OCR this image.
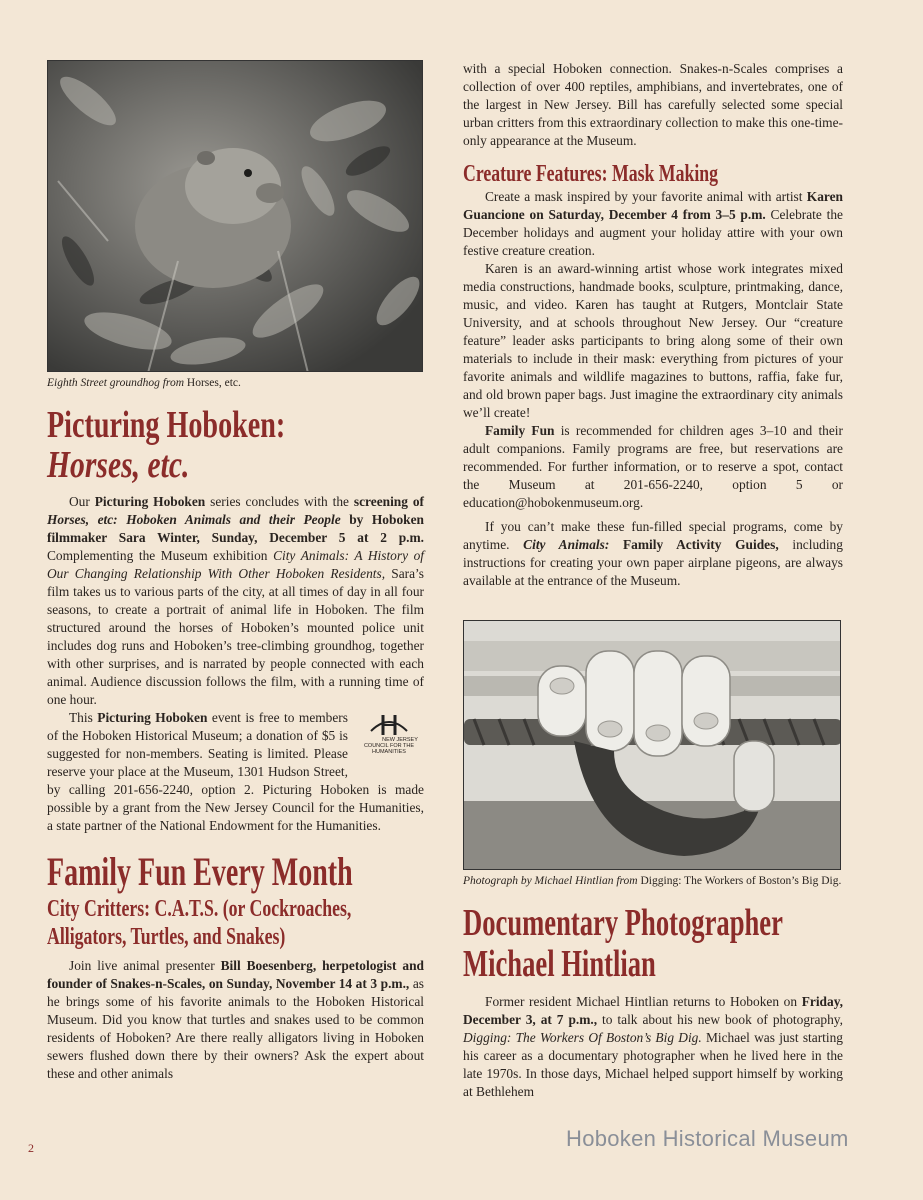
Eighth Street groundhog from Horses, etc.
Picturing Hoboken:
Horses, etc.

Our Picturing Hoboken series concludes with the screening of Horses, etc: Hoboken Animals and their People by Hoboken filmmaker Sara Winter, Sunday, December 5 at 2 p.m. Complementing the Museum exhibition City Animals: A History of Our Changing Relationship With Other Hoboken Residents, Sara’s film takes us to various parts of the city, at all times of day in all four seasons, to create a portrait of animal life in Hoboken. The film structured around the horses of Hoboken’s mounted police unit includes dog runs and Hoboken’s tree-climbing groundhog, together with other surprises, and is narrated by people connected with each animal. Audience discussion follows the film, with a running time of one hour.

This Picturing Hoboken
NEW JERSEY COUNCIL FOR THE HUMANITIES
event is free to members of the Hoboken Historical Museum; a donation of $5 is suggested for non-members. Seating is limited. Please reserve your place at the Museum, 1301 Hudson Street, by calling 201-656-2240, option 2. Picturing Hoboken is made possible by a grant from the New Jersey Council for the Humanities, a state partner of the National Endowment for the Humanities.

Family Fun Every Month
City Critters: C.A.T.S. (or Cockroaches,
Alligators, Turtles, and Snakes)

Join live animal presenter Bill Boesenberg, herpetologist and founder of Snakes-n-Scales, on Sunday, November 14 at 3 p.m., as he brings some of his favorite animals to the Hoboken Historical Museum. Did you know that turtles and snakes used to be common residents of Hoboken? Are there really alligators living in Hoboken sewers flushed down there by their owners? Ask the expert about these and other animals

with a special Hoboken connection. Snakes-n-Scales comprises a collection of over 400 reptiles, amphibians, and invertebrates, one of the largest in New Jersey. Bill has carefully selected some special urban critters from this extraordinary collection to make this one-time-only appearance at the Museum.

Creature Features: Mask Making

Create a mask inspired by your favorite animal with artist Karen Guancione on Saturday, December 4 from 3–5 p.m. Celebrate the December holidays and augment your holiday attire with your own festive creature creation.

Karen is an award-winning artist whose work integrates mixed media constructions, handmade books, sculpture, printmaking, dance, music, and video. Karen has taught at Rutgers, Montclair State University, and at schools throughout New Jersey. Our “creature feature” leader asks participants to bring along some of their own materials to include in their mask: everything from pictures of your favorite animals and wildlife magazines to buttons, raffia, fake fur, and old brown paper bags. Just imagine the extraordinary city animals we’ll create!

Family Fun is recommended for children ages 3–10 and their adult companions. Family programs are free, but reservations are recommended. For further information, or to reserve a spot, contact the Museum at 201-656-2240, option 5 or education@hobokenmuseum.org.

If you can’t make these fun-filled special programs, come by anytime. City Animals: Family Activity Guides, including instructions for creating your own paper airplane pigeons, are always available at the entrance of the Museum.

Photograph by Michael Hintlian from Digging: The Workers of Boston’s Big Dig.
Documentary Photographer
Michael Hintlian

Former resident Michael Hintlian returns to Hoboken on Friday, December 3, at 7 p.m., to talk about his new book of photography, Digging: The Workers Of Boston’s Big Dig. Michael was just starting his career as a documentary photographer when he lived here in the late 1970s. In those days, Michael helped support himself by working at Bethlehem

2	Hoboken Historical Museum
